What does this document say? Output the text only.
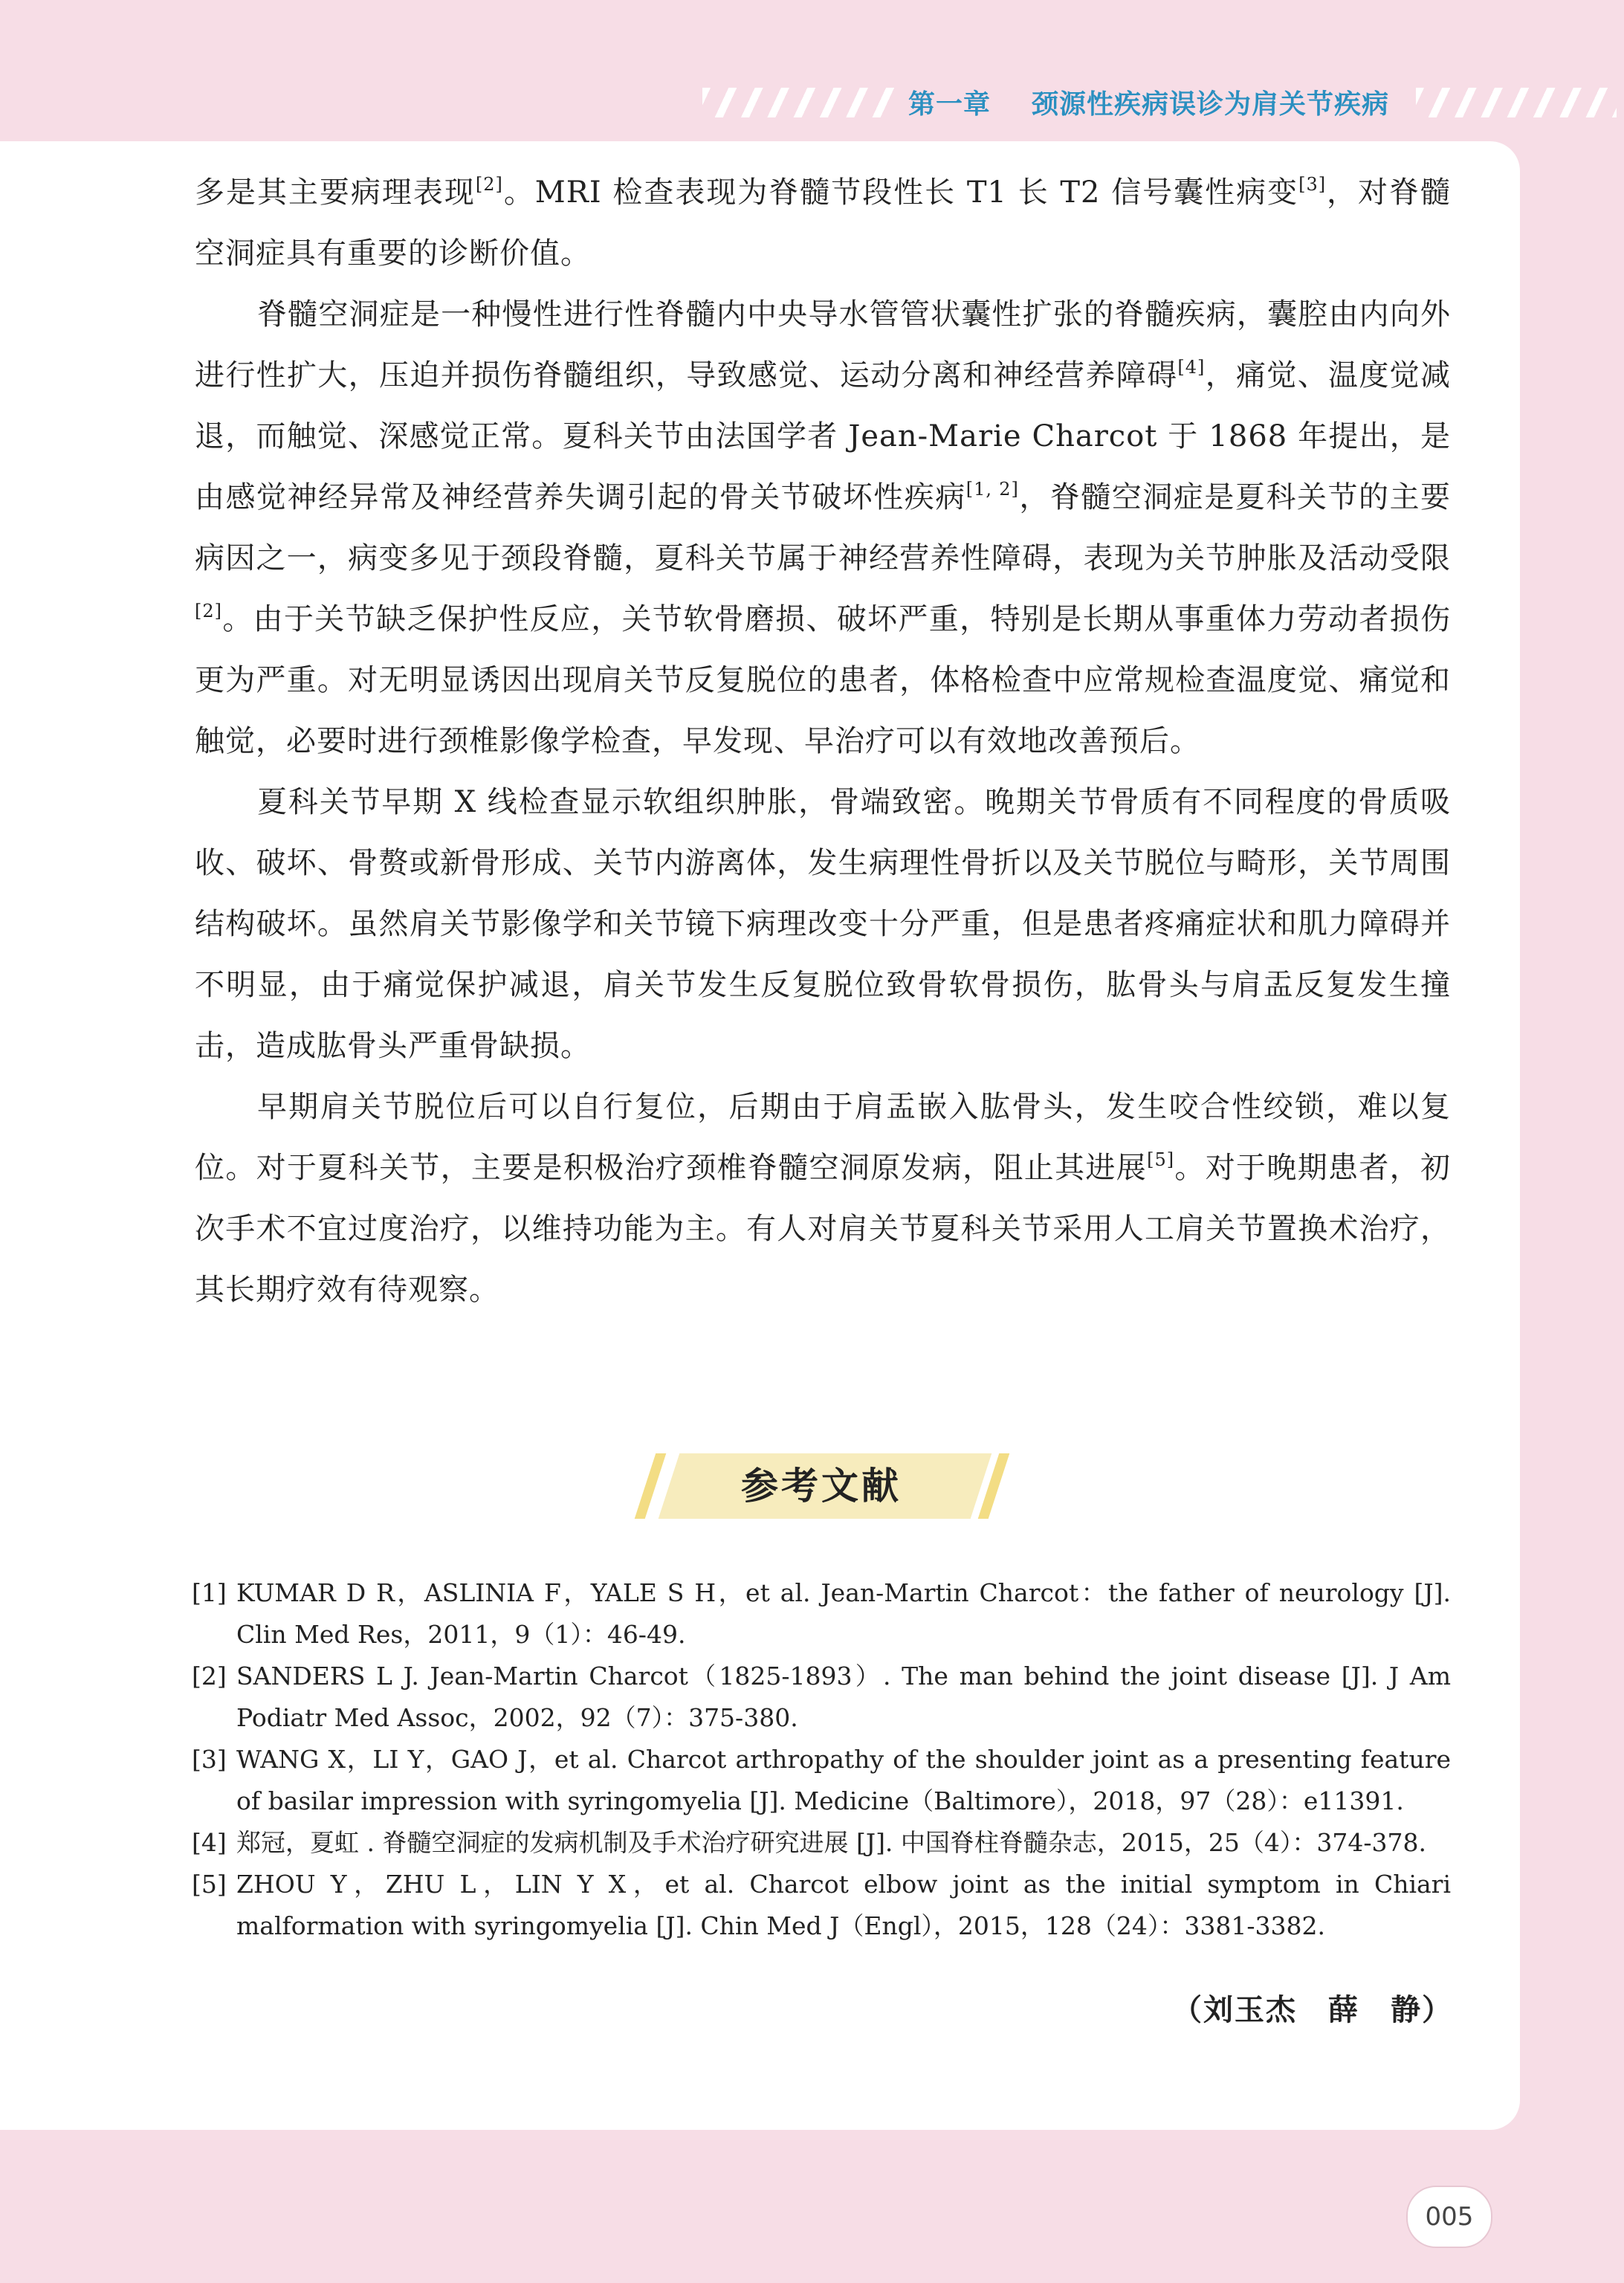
第一章 颈源性疾病误诊为肩关节疾病

多是其主要病理表现[2]。MRI 检查表现为脊髓节段性长 T1 长 T2 信号囊性病变[3]，对脊髓空洞症具有重要的诊断价值。

脊髓空洞症是一种慢性进行性脊髓内中央导水管管状囊性扩张的脊髓疾病，囊腔由内向外进行性扩大，压迫并损伤脊髓组织，导致感觉、运动分离和神经营养障碍[4]，痛觉、温度觉减退，而触觉、深感觉正常。夏科关节由法国学者 Jean-Marie Charcot 于 1868 年提出，是由感觉神经异常及神经营养失调引起的骨关节破坏性疾病[1, 2]，脊髓空洞症是夏科关节的主要病因之一，病变多见于颈段脊髓，夏科关节属于神经营养性障碍，表现为关节肿胀及活动受限[2]。由于关节缺乏保护性反应，关节软骨磨损、破坏严重，特别是长期从事重体力劳动者损伤更为严重。对无明显诱因出现肩关节反复脱位的患者，体格检查中应常规检查温度觉、痛觉和触觉，必要时进行颈椎影像学检查，早发现、早治疗可以有效地改善预后。

夏科关节早期 X 线检查显示软组织肿胀，骨端致密。晚期关节骨质有不同程度的骨质吸收、破坏、骨赘或新骨形成、关节内游离体，发生病理性骨折以及关节脱位与畸形，关节周围结构破坏。虽然肩关节影像学和关节镜下病理改变十分严重，但是患者疼痛症状和肌力障碍并不明显，由于痛觉保护减退，肩关节发生反复脱位致骨软骨损伤，肱骨头与肩盂反复发生撞击，造成肱骨头严重骨缺损。

早期肩关节脱位后可以自行复位，后期由于肩盂嵌入肱骨头，发生咬合性绞锁，难以复位。对于夏科关节，主要是积极治疗颈椎脊髓空洞原发病，阻止其进展[5]。对于晚期患者，初次手术不宜过度治疗，以维持功能为主。有人对肩关节夏科关节采用人工肩关节置换术治疗，其长期疗效有待观察。

参考文献
[1] KUMAR D R，ASLINIA F，YALE S H，et al. Jean-Martin Charcot：the father of neurology [J]. Clin Med Res，2011，9（1）：46-49.
[2] SANDERS L J. Jean-Martin Charcot（1825-1893）. The man behind the joint disease [J]. J Am Podiatr Med Assoc，2002，92（7）：375-380.
[3] WANG X，LI Y，GAO J，et al. Charcot arthropathy of the shoulder joint as a presenting feature of basilar impression with syringomyelia [J]. Medicine（Baltimore），2018，97（28）：e11391.
[4] 郑冠，夏虹 . 脊髓空洞症的发病机制及手术治疗研究进展 [J]. 中国脊柱脊髓杂志，2015，25（4）：374-378.
[5] ZHOU Y，ZHU L，LIN Y X，et al. Charcot elbow joint as the initial symptom in Chiari malformation with syringomyelia [J]. Chin Med J（Engl），2015，128（24）：3381-3382.
（刘玉杰　薛　静）
005
